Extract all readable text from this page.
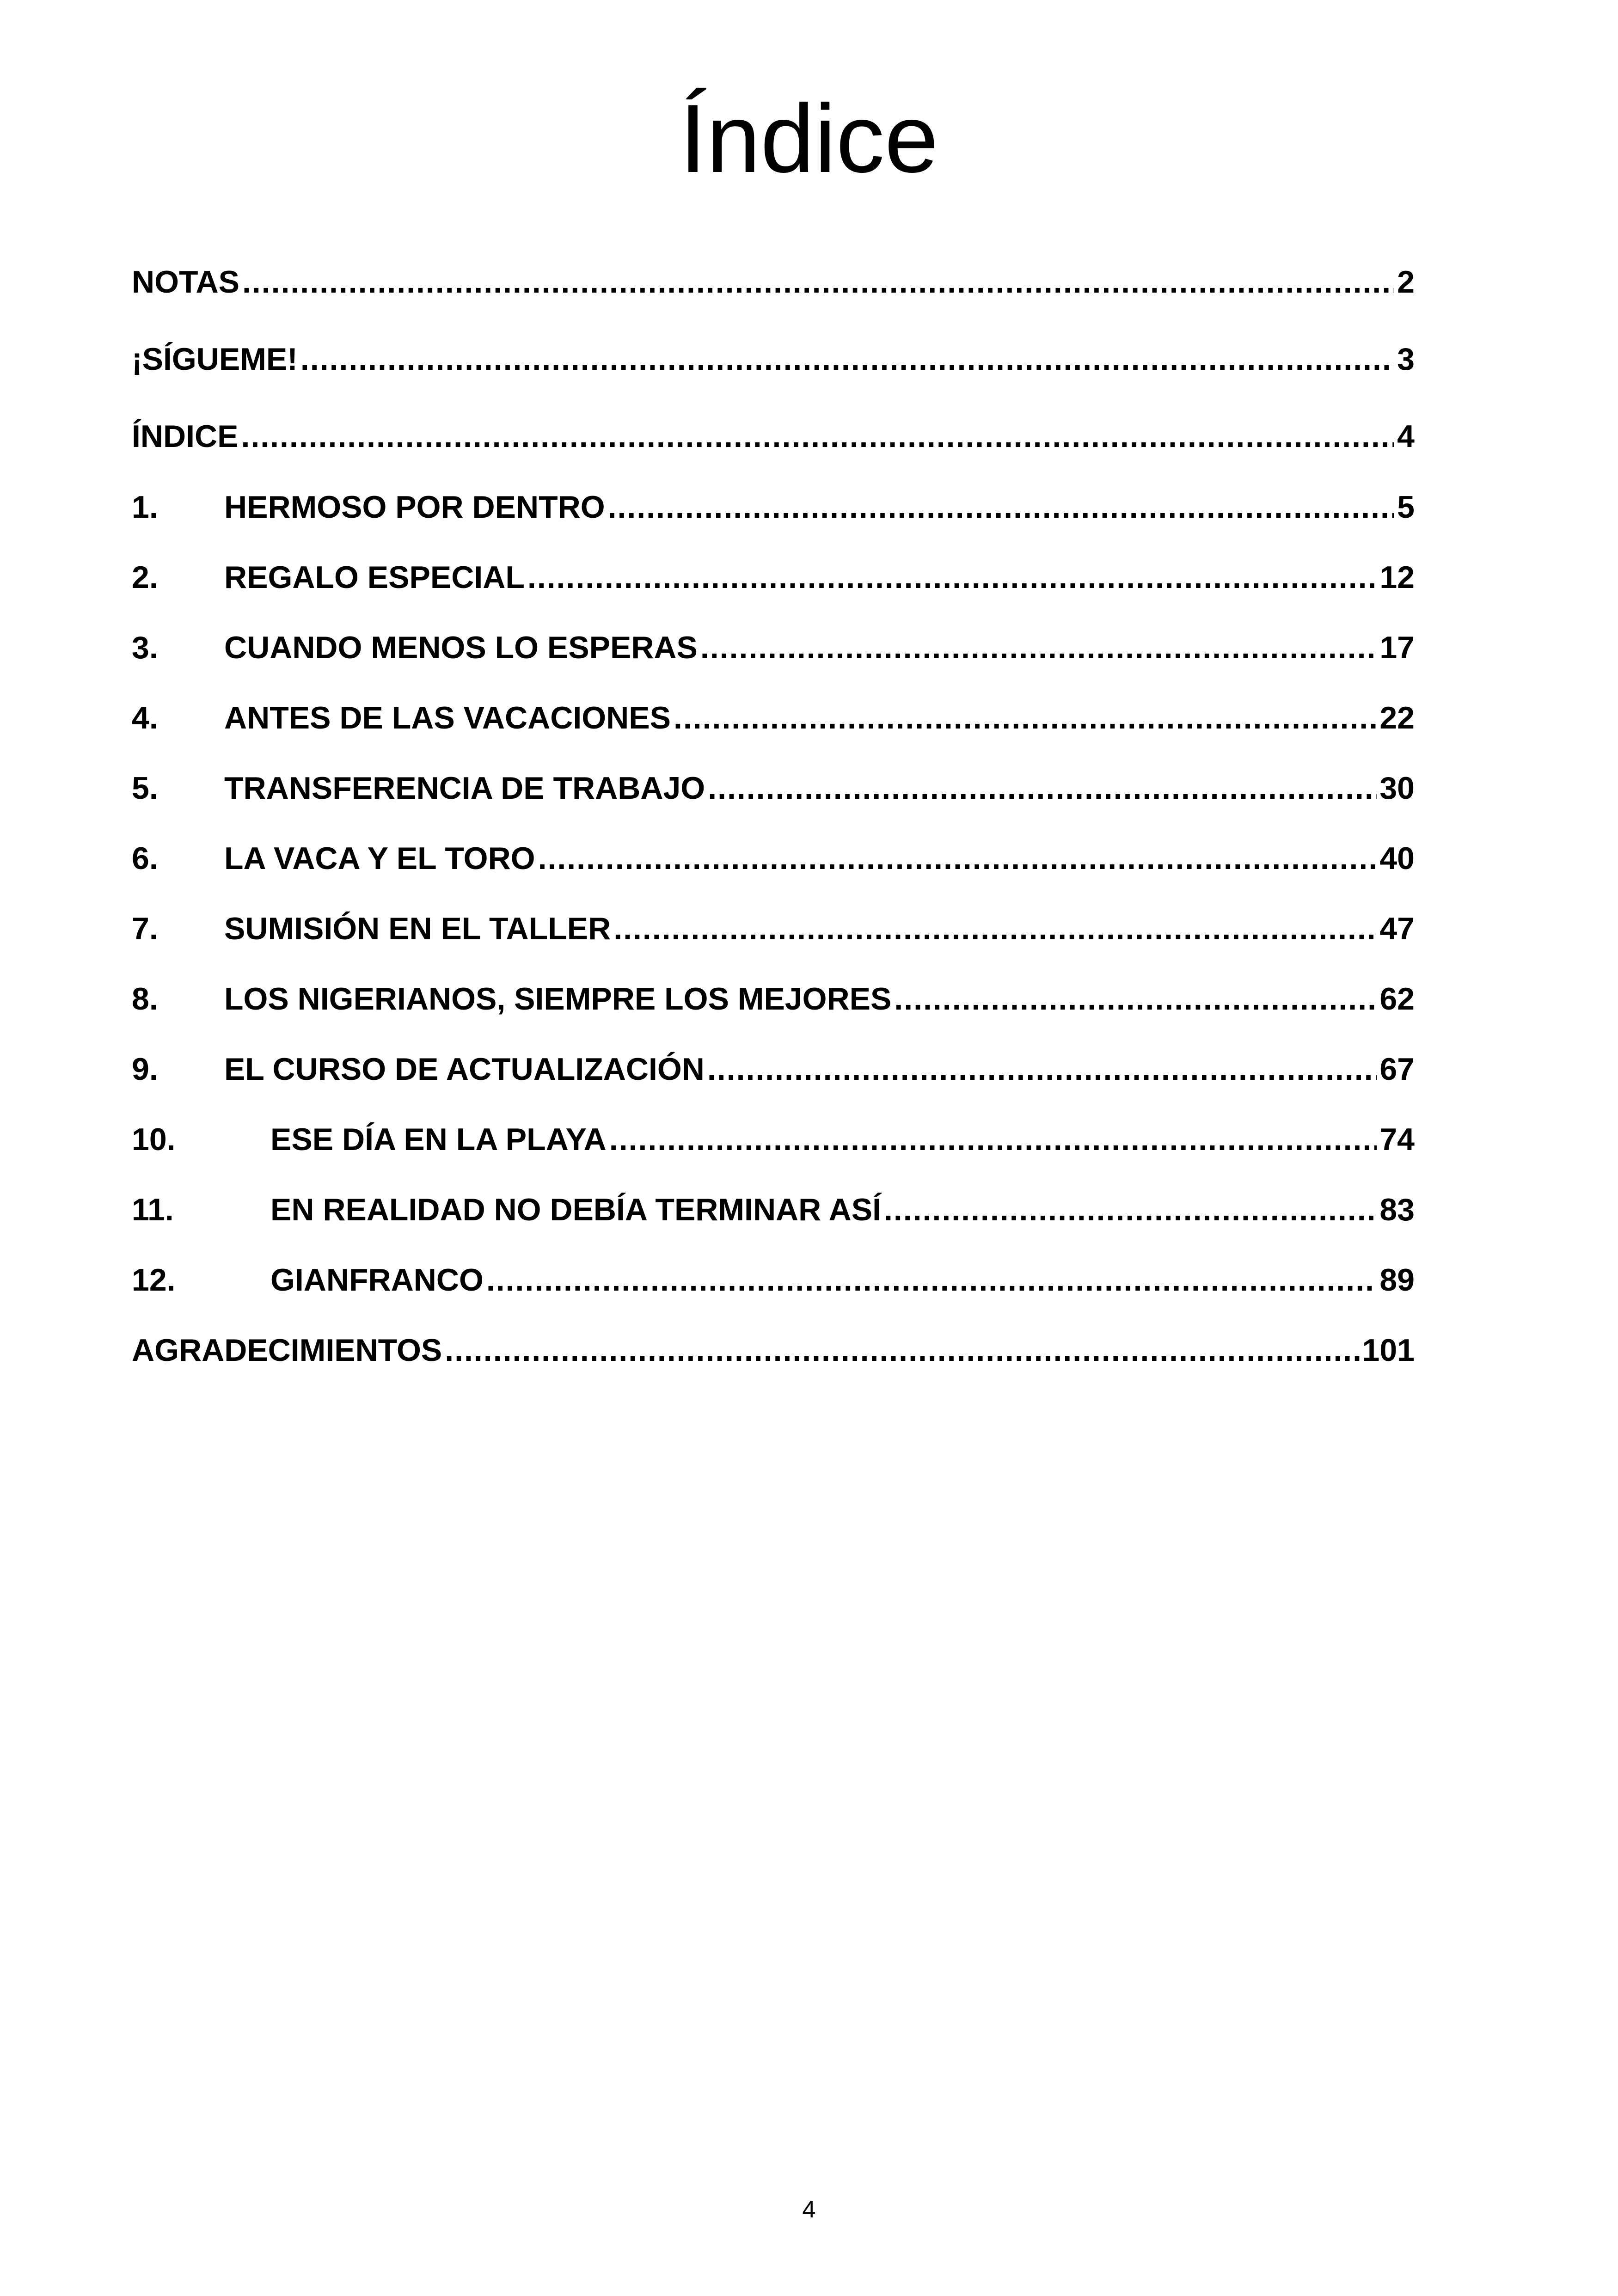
Índice
NOTAS .....	2
¡SÍGUEME! .....	3
ÍNDICE .....	4
1.	HERMOSO POR DENTRO .....	5
2.	REGALO ESPECIAL .....	12
3.	CUANDO MENOS LO ESPERAS .....	17
4.	ANTES DE LAS VACACIONES .....	22
5.	TRANSFERENCIA DE TRABAJO .....	30
6.	LA VACA Y EL TORO .....	40
7.	SUMISIÓN EN EL TALLER .....	47
8.	LOS NIGERIANOS, SIEMPRE LOS MEJORES .....	62
9.	EL CURSO DE ACTUALIZACIÓN .....	67
10.	ESE DÍA EN LA PLAYA .....	74
11.	EN REALIDAD NO DEBÍA TERMINAR ASÍ .....	83
12.	GIANFRANCO .....	89
AGRADECIMIENTOS .....	101
4
